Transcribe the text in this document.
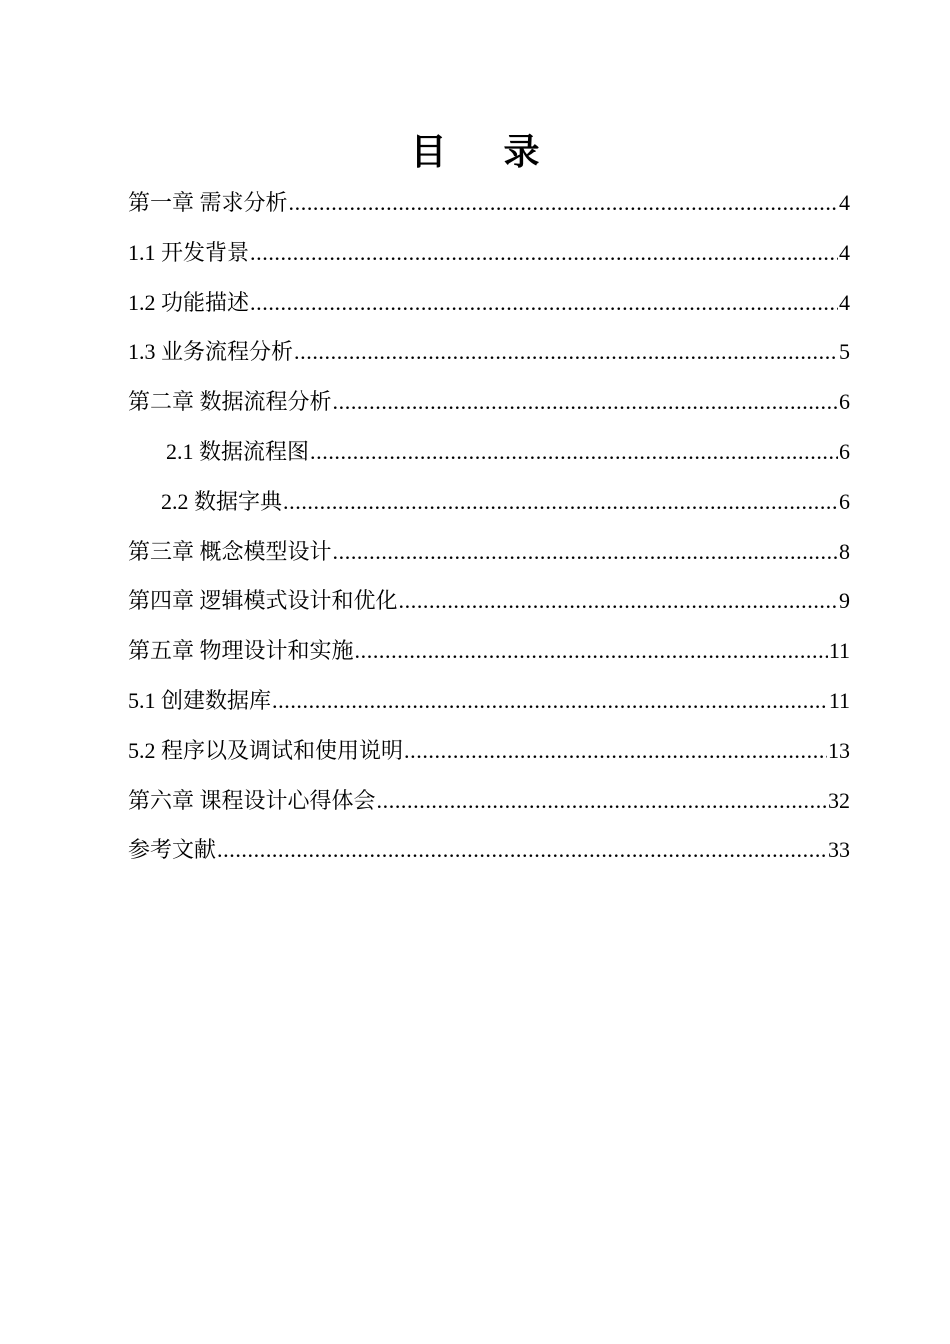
目 录
第一章 需求分析 .....	4
1.1 开发背景 .....	4
1.2 功能描述 .....	4
1.3 业务流程分析 .....	5
第二章 数据流程分析 .....	6
2.1 数据流程图 .....	6
2.2 数据字典 .....	6
第三章 概念模型设计 .....	8
第四章 逻辑模式设计和优化 .....	9
第五章 物理设计和实施 .....	11
5.1 创建数据库 .....	11
5.2 程序以及调试和使用说明 .....	13
第六章 课程设计心得体会 .....	32
参考文献 .....	33
